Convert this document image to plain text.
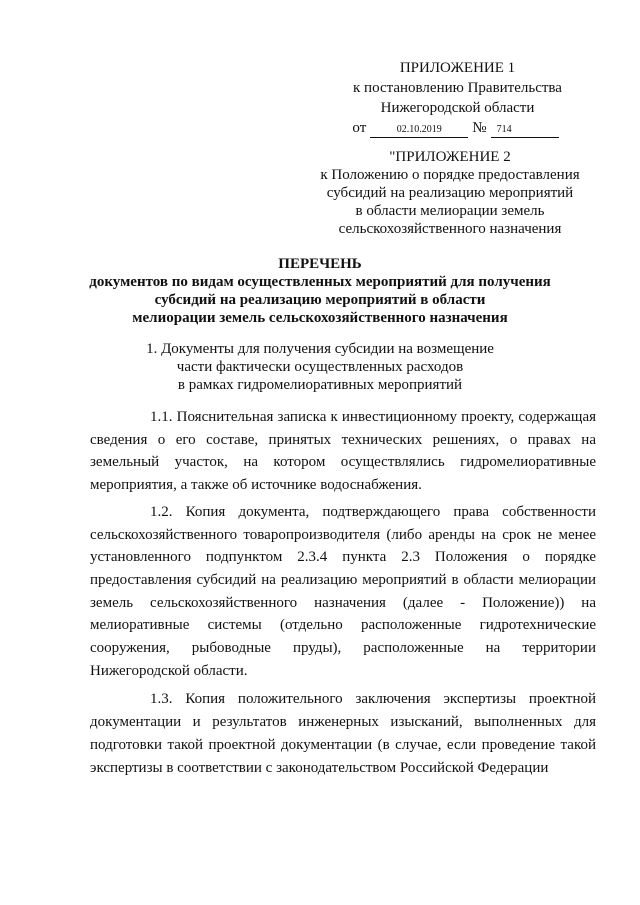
ПРИЛОЖЕНИЕ 1
к постановлению Правительства
Нижегородской области
от	02.10.2019	№	714
"ПРИЛОЖЕНИЕ 2
к Положению о порядке предоставления
субсидий на реализацию мероприятий
в области мелиорации земель
сельскохозяйственного назначения
ПЕРЕЧЕНЬ
документов по видам осуществленных мероприятий для получения
субсидий на реализацию мероприятий в области
мелиорации земель сельскохозяйственного назначения
1. Документы для получения субсидии на возмещение
части фактически осуществленных расходов
в рамках гидромелиоративных мероприятий

1.1. Пояснительная записка к инвестиционному проекту, содержащая сведения о его составе, принятых технических решениях, о правах на земельный участок, на котором осуществлялись гидромелиоративные мероприятия, а также об источнике водоснабжения.

1.2. Копия документа, подтверждающего права собственности сельскохозяйственного товаропроизводителя (либо аренды на срок не менее установленного подпунктом 2.3.4 пункта 2.3 Положения о порядке предоставления субсидий на реализацию мероприятий в области мелиорации земель сельскохозяйственного назначения (далее - Положение)) на мелиоративные системы (отдельно расположенные гидротехнические сооружения, рыбоводные пруды), расположенные на территории Нижегородской области.

1.3. Копия положительного заключения экспертизы проектной документации и результатов инженерных изысканий, выполненных для подготовки такой проектной документации (в случае, если проведение такой экспертизы в соответствии с законодательством Российской Федерации
